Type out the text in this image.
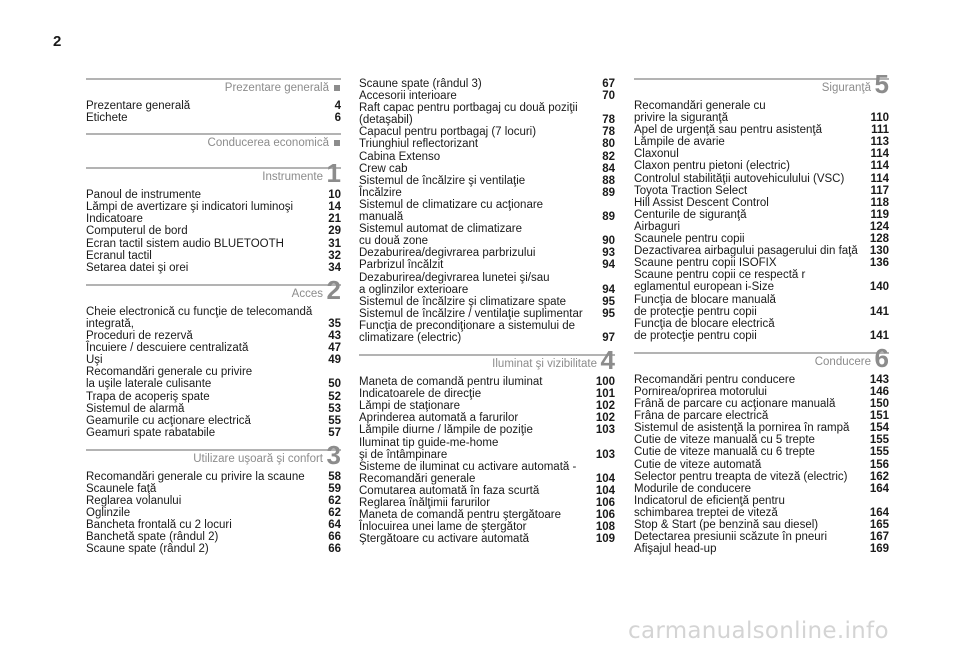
2
Prezentare generală
Prezentare generală	4
Etichete	6
Conducerea economică
Instrumente 1
Panoul de instrumente	10
Lămpi de avertizare şi indicatori luminoşi	14
Indicatoare	21
Computerul de bord	29
Ecran tactil sistem audio BLUETOOTH	31
Ecranul tactil	32
Setarea datei şi orei	34
Acces 2
Cheie electronică cu funcţie de telecomandă
integrată,	35
Proceduri de rezervă	43
Încuiere / descuiere centralizată	47
Uşi	49
Recomandări generale cu privire
la uşile laterale culisante	50
Trapa de acoperiş spate	52
Sistemul de alarmă	53
Geamurile cu acţionare electrică	55
Geamuri spate rabatabile	57
Utilizare uşoară şi confort 3
Recomandări generale cu privire la scaune	58
Scaunele faţă	59
Reglarea volanului	62
Oglinzile	62
Bancheta frontală cu 2 locuri	64
Banchetă spate (rândul 2)	66
Scaune spate (rândul 2)	66
Scaune spate (rândul 3)	67
Accesorii interioare	70
Raft capac pentru portbagaj cu două poziţii
(detaşabil)	78
Capacul pentru portbagaj (7 locuri)	78
Triunghiul reflectorizant	80
Cabina Extenso	82
Crew cab	84
Sistemul de încălzire şi ventilaţie	88
Încălzire	89
Sistemul de climatizare cu acţionare manuală	89
Sistemul automat de climatizare
cu două zone	90
Dezaburirea/degivrarea parbrizului	93
Parbrizul încălzit	94
Dezaburirea/degivrarea lunetei şi/sau
a oglinzilor exterioare	94
Sistemul de încălzire şi climatizare spate	95
Sistemul de încălzire / ventilaţie suplimentar	95
Funcţia de precondiţionare a sistemului de
climatizare (electric)	97
Iluminat şi vizibilitate 4
Maneta de comandă pentru iluminat	100
Indicatoarele de direcţie	101
Lămpi de staţionare	102
Aprinderea automată a farurilor	102
Lămpile diurne / lămpile de poziţie	103
Iluminat tip guide-me-home
şi de întâmpinare	103
Sisteme de iluminat cu activare automată -
Recomandări generale	104
Comutarea automată în faza scurtă	104
Reglarea înălţimii farurilor	106
Maneta de comandă pentru ştergătoare	106
Înlocuirea unei lame de ştergător	108
Ştergătoare cu activare automată	109
Siguranţă 5
Recomandări generale cu
privire la siguranţă	110
Apel de urgenţă sau pentru asistenţă	111
Lămpile de avarie	113
Claxonul	114
Claxon pentru pietoni (electric)	114
Controlul stabilităţii autovehiculului (VSC)	114
Toyota Traction Select	117
Hill Assist Descent Control	118
Centurile de siguranţă	119
Airbaguri	124
Scaunele pentru copii	128
Dezactivarea airbagului pasagerului din faţă	130
Scaune pentru copii ISOFIX	136
Scaune pentru copii ce respectă r
eglamentul european i-Size	140
Funcţia de blocare manuală
de protecţie pentru copii	141
Funcţia de blocare electrică
de protecţie pentru copii	141
Conducere 6
Recomandări pentru conducere	143
Pornirea/oprirea motorului	146
Frână de parcare cu acţionare manuală	150
Frâna de parcare electrică	151
Sistemul de asistenţă la pornirea în rampă	154
Cutie de viteze manuală cu 5 trepte	155
Cutie de viteze manuală cu 6 trepte	155
Cutie de viteze automată	156
Selector pentru treapta de viteză (electric)	162
Modurile de conducere	164
Indicatorul de eficienţă pentru
schimbarea treptei de viteză	164
Stop & Start (pe benzină sau diesel)	165
Detectarea presiunii scăzute în pneuri	167
Afişajul head-up	169
carmanualsonline.info
